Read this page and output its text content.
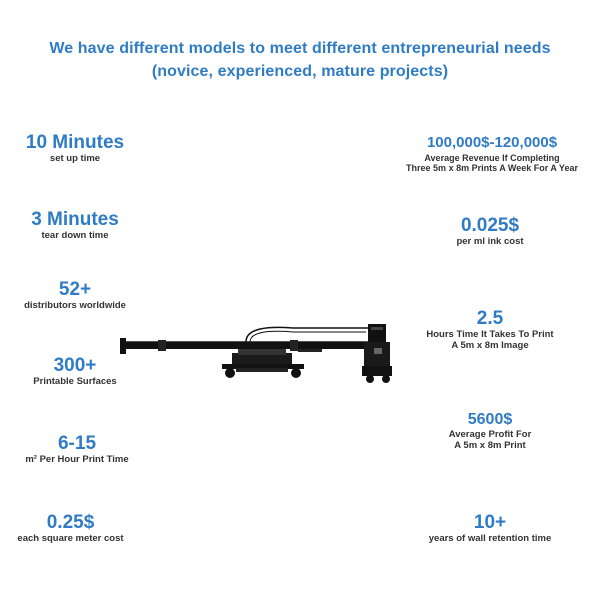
We have different models to meet different entrepreneurial needs
(novice, experienced, mature projects)
10 Minutes
set up time
3 Minutes
tear down time
52+
distributors worldwide
300+
Printable Surfaces
6-15
m² Per Hour Print Time
0.25$
each square meter cost
100,000$-120,000$
Average Revenue If Completing
Three 5m x 8m Prints A Week For A Year
0.025$
per ml ink cost
2.5
Hours Time It Takes To Print
A 5m x 8m Image
5600$
Average Profit For
A 5m x 8m Print
10+
years of wall retention time
